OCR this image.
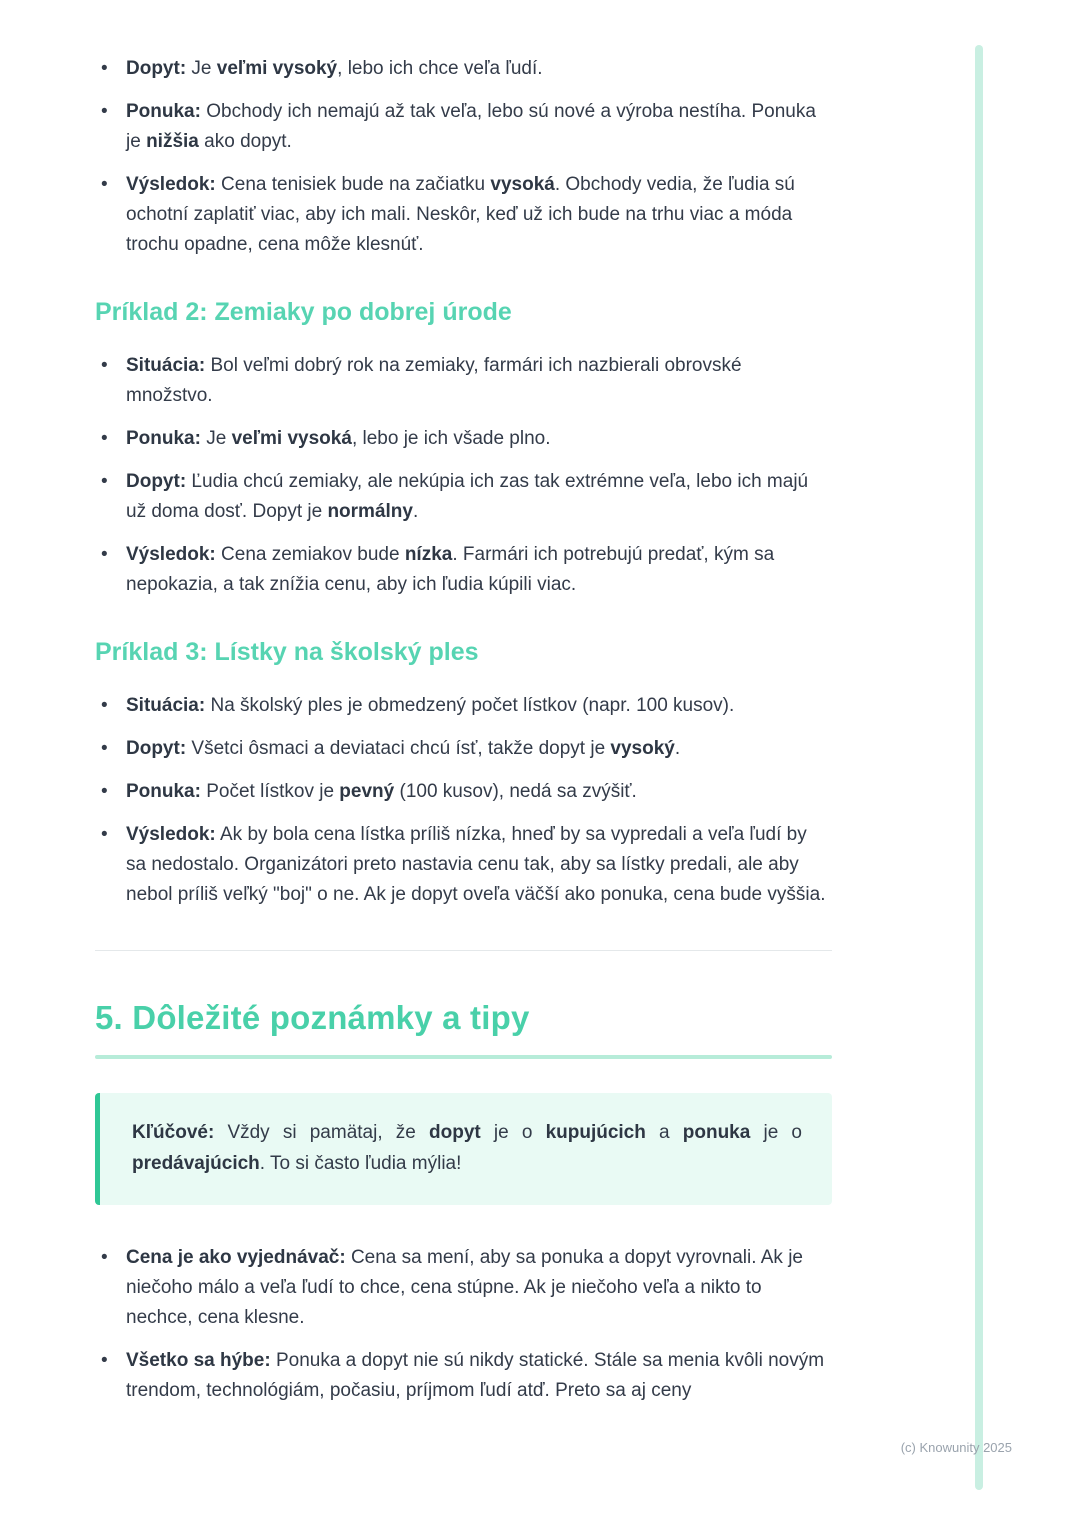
• Dopyt: Je veľmi vysoký, lebo ich chce veľa ľudí.
• Ponuka: Obchody ich nemajú až tak veľa, lebo sú nové a výroba nestíha. Ponuka je nižšia ako dopyt.
• Výsledok: Cena tenisiek bude na začiatku vysoká. Obchody vedia, že ľudia sú ochotní zaplatiť viac, aby ich mali. Neskôr, keď už ich bude na trhu viac a móda trochu opadne, cena môže klesnúť.
Príklad 2: Zemiaky po dobrej úrode
• Situácia: Bol veľmi dobrý rok na zemiaky, farmári ich nazbierali obrovské množstvo.
• Ponuka: Je veľmi vysoká, lebo je ich všade plno.
• Dopyt: Ľudia chcú zemiaky, ale nekúpia ich zas tak extrémne veľa, lebo ich majú už doma dosť. Dopyt je normálny.
• Výsledok: Cena zemiakov bude nízka. Farmári ich potrebujú predať, kým sa nepokazia, a tak znížia cenu, aby ich ľudia kúpili viac.
Príklad 3: Lístky na školský ples
• Situácia: Na školský ples je obmedzený počet lístkov (napr. 100 kusov).
• Dopyt: Všetci ôsmaci a deviataci chcú ísť, takže dopyt je vysoký.
• Ponuka: Počet lístkov je pevný (100 kusov), nedá sa zvýšiť.
• Výsledok: Ak by bola cena lístka príliš nízka, hneď by sa vypredali a veľa ľudí by sa nedostalo. Organizátori preto nastavia cenu tak, aby sa lístky predali, ale aby nebol príliš veľký "boj" o ne. Ak je dopyt oveľa väčší ako ponuka, cena bude vyššia.
5. Dôležité poznámky a tipy

Kľúčové: Vždy si pamätaj, že dopyt je o kupujúcich a ponuka je o predávajúcich. To si často ľudia mýlia!

• Cena je ako vyjednávač: Cena sa mení, aby sa ponuka a dopyt vyrovnali. Ak je niečoho málo a veľa ľudí to chce, cena stúpne. Ak je niečoho veľa a nikto to nechce, cena klesne.
• Všetko sa hýbe: Ponuka a dopyt nie sú nikdy statické. Stále sa menia kvôli novým trendom, technológiám, počasiu, príjmom ľudí atď. Preto sa aj ceny
(c) Knowunity 2025
